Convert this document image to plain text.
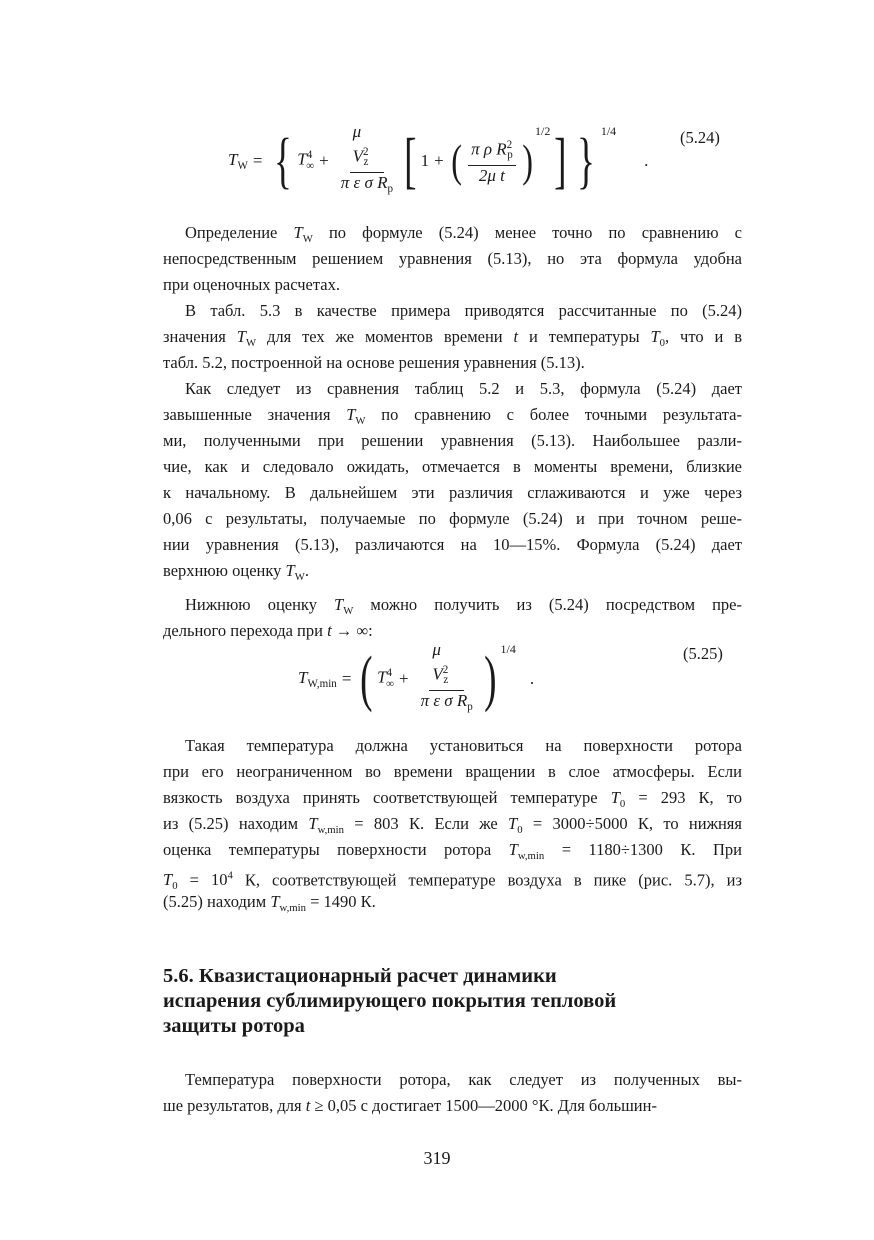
$T_W$ = { $T^4_\infty + \frac{\mu V^2_z}{\pi \varepsilon \sigma R_p}$ [ 1 + ( $\frac{\pi \rho R^2_p}{\text{2μ t}}$ )
1/2 ] } 1/4
.
(5.24)
$T_{W,min}$ = ( $T^4_\infty + \frac{\mu V^2_z}{\pi \varepsilon \sigma R_p}$ ) 1/4
.
(5.25)
Определение $T_W$ по формуле (5.24) менее точно по сравнению с
непосредственным решением уравнения (5.13), но эта формула удобна
при оценочных расчетах.
В табл. 5.3 в качестве примера приводятся рассчитанные по (5.24)
значения $T_W$ для тех же моментов времени t и температуры $T_0$, что и в
табл. 5.2, построенной на основе решения уравнения (5.13).
Как следует из сравнения таблиц 5.2 и 5.3, формула (5.24) дает
завышенные значения $T_W$ по сравнению с более точными результата-
ми, полученными при решении уравнения (5.13). Наибольшее разли-
чие, как и следовало ожидать, отмечается в моменты времени, близкие
к начальному. В дальнейшем эти различия сглаживаются и уже через
0,06 с результаты, получаемые по формуле (5.24) и при точном реше-
нии уравнения (5.13), различаются на 10—15%. Формула (5.24) дает
верхнюю оценку $T_W$.
Нижнюю оценку $T_W$ можно получить из (5.24) посредством пре-
дельного перехода при t → ∞:
Такая температура должна установиться на поверхности ротора
при его неограниченном во времени вращении в слое атмосферы. Если
вязкость воздуха принять соответствующей температуре $T_0 = 293$ К, то
из (5.25) находим $T_{w,min} = 803$ К. Если же $T_0 = 3000\div 5000$ К, то нижняя
оценка температуры поверхности ротора $T_{w,min} = 1180\div 1300$ К. При
$T_0 = 10^4$ К, соответствующей температуре воздуха в пике (рис. 5.7), из
(5.25) находим $T_{w,min} = 1490$ К.
Температура поверхности ротора, как следует из полученных вы-
ше результатов, для t ≥ 0,05 с достигает 1500—2000 °К. Для большин-
5.6. Квазистационарный расчет динамики
испарения сублимирующего покрытия тепловой
защиты ротора
319
